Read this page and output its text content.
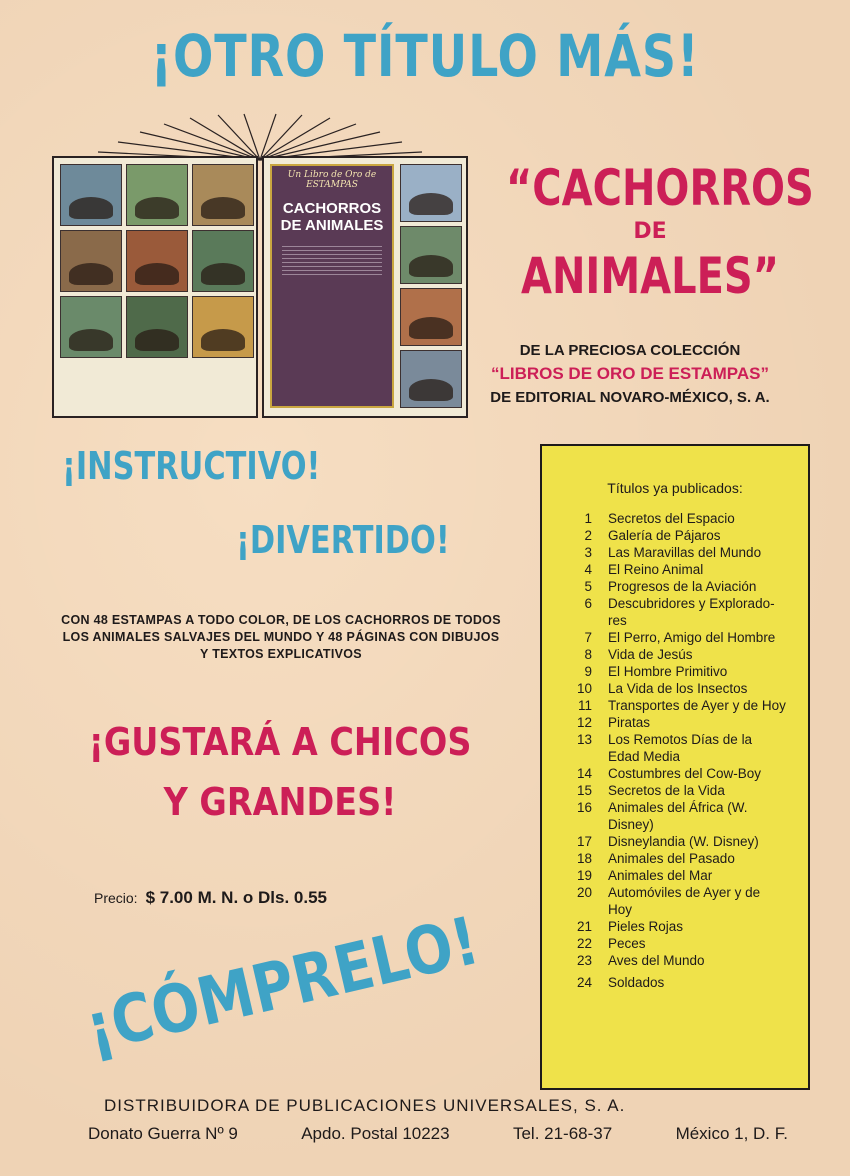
¡OTRO TÍTULO MÁS!
Un Libro de Oro de ESTAMPAS
CACHORROS DE ANIMALES
“CACHORROS
DE
ANIMALES”
DE LA PRECIOSA COLECCIÓN
“LIBROS DE ORO DE ESTAMPAS”
DE EDITORIAL NOVARO-MÉXICO, S. A.
¡INSTRUCTIVO!
¡DIVERTIDO!
CON 48 ESTAMPAS A TODO COLOR, DE LOS CACHORROS DE TODOS LOS ANIMALES SALVAJES DEL MUNDO Y 48 PÁGINAS CON DIBUJOS Y TEXTOS EXPLICATIVOS
¡GUSTARÁ A CHICOS
Y GRANDES!
Precio: $ 7.00 M. N. o Dls. 0.55
¡CÓMPRELO!
Títulos ya publicados:
1	Secretos del Espacio
2	Galería de Pájaros
3	Las Maravillas del Mundo
4	El Reino Animal
5	Progresos de la Aviación
6	Descubridores y Explorado-res
7	El Perro, Amigo del Hombre
8	Vida de Jesús
9	El Hombre Primitivo
10	La Vida de los Insectos
11	Transportes de Ayer y de Hoy
12	Piratas
13	Los Remotos Días de la Edad Media
14	Costumbres del Cow-Boy
15	Secretos de la Vida
16	Animales del África (W. Disney)
17	Disneylandia (W. Disney)
18	Animales del Pasado
19	Animales del Mar
20	Automóviles de Ayer y de Hoy
21	Pieles Rojas
22	Peces
23	Aves del Mundo
24	Soldados
DISTRIBUIDORA DE PUBLICACIONES UNIVERSALES, S. A.
Donato Guerra Nº 9	Apdo. Postal 10223	Tel. 21-68-37	México 1, D. F.
